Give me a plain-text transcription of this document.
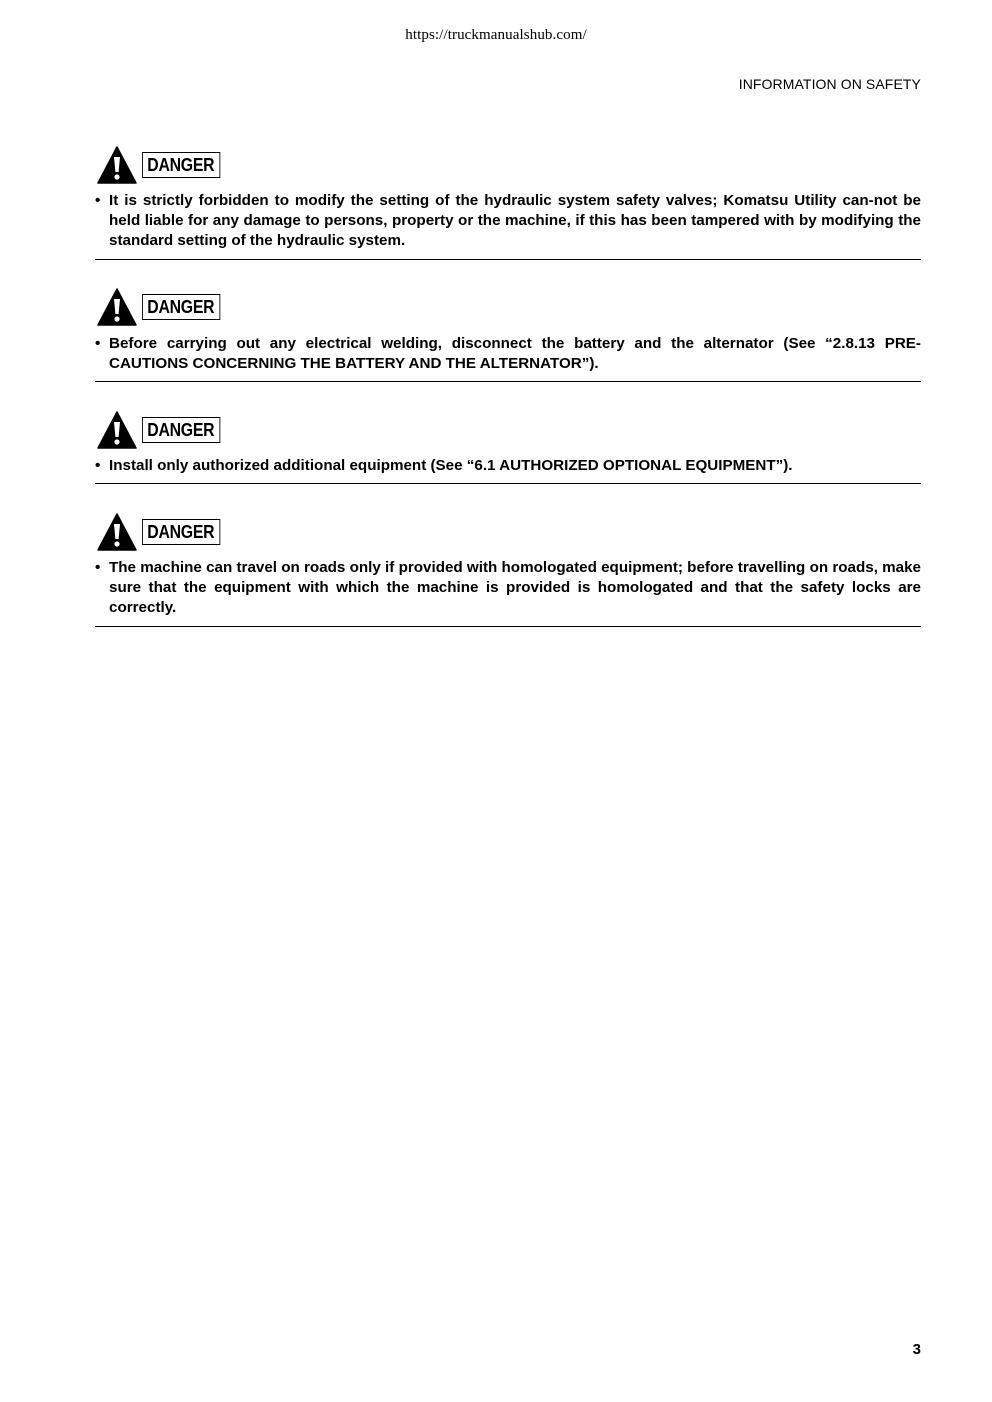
https://truckmanualshub.com/
INFORMATION ON SAFETY
DANGER
• It is strictly forbidden to modify the setting of the hydraulic system safety valves; Komatsu Utility can-not be held liable for any damage to persons, property or the machine, if this has been tampered with by modifying the standard setting of the hydraulic system.
DANGER
• Before carrying out any electrical welding, disconnect the battery and the alternator (See “2.8.13 PRE-CAUTIONS CONCERNING THE BATTERY AND THE ALTERNATOR”).
DANGER
• Install only authorized additional equipment (See “6.1 AUTHORIZED OPTIONAL EQUIPMENT”).
DANGER
• The machine can travel on roads only if provided with homologated equipment; before travelling on roads, make sure that the equipment with which the machine is provided is homologated and that the safety locks are correctly.
3
